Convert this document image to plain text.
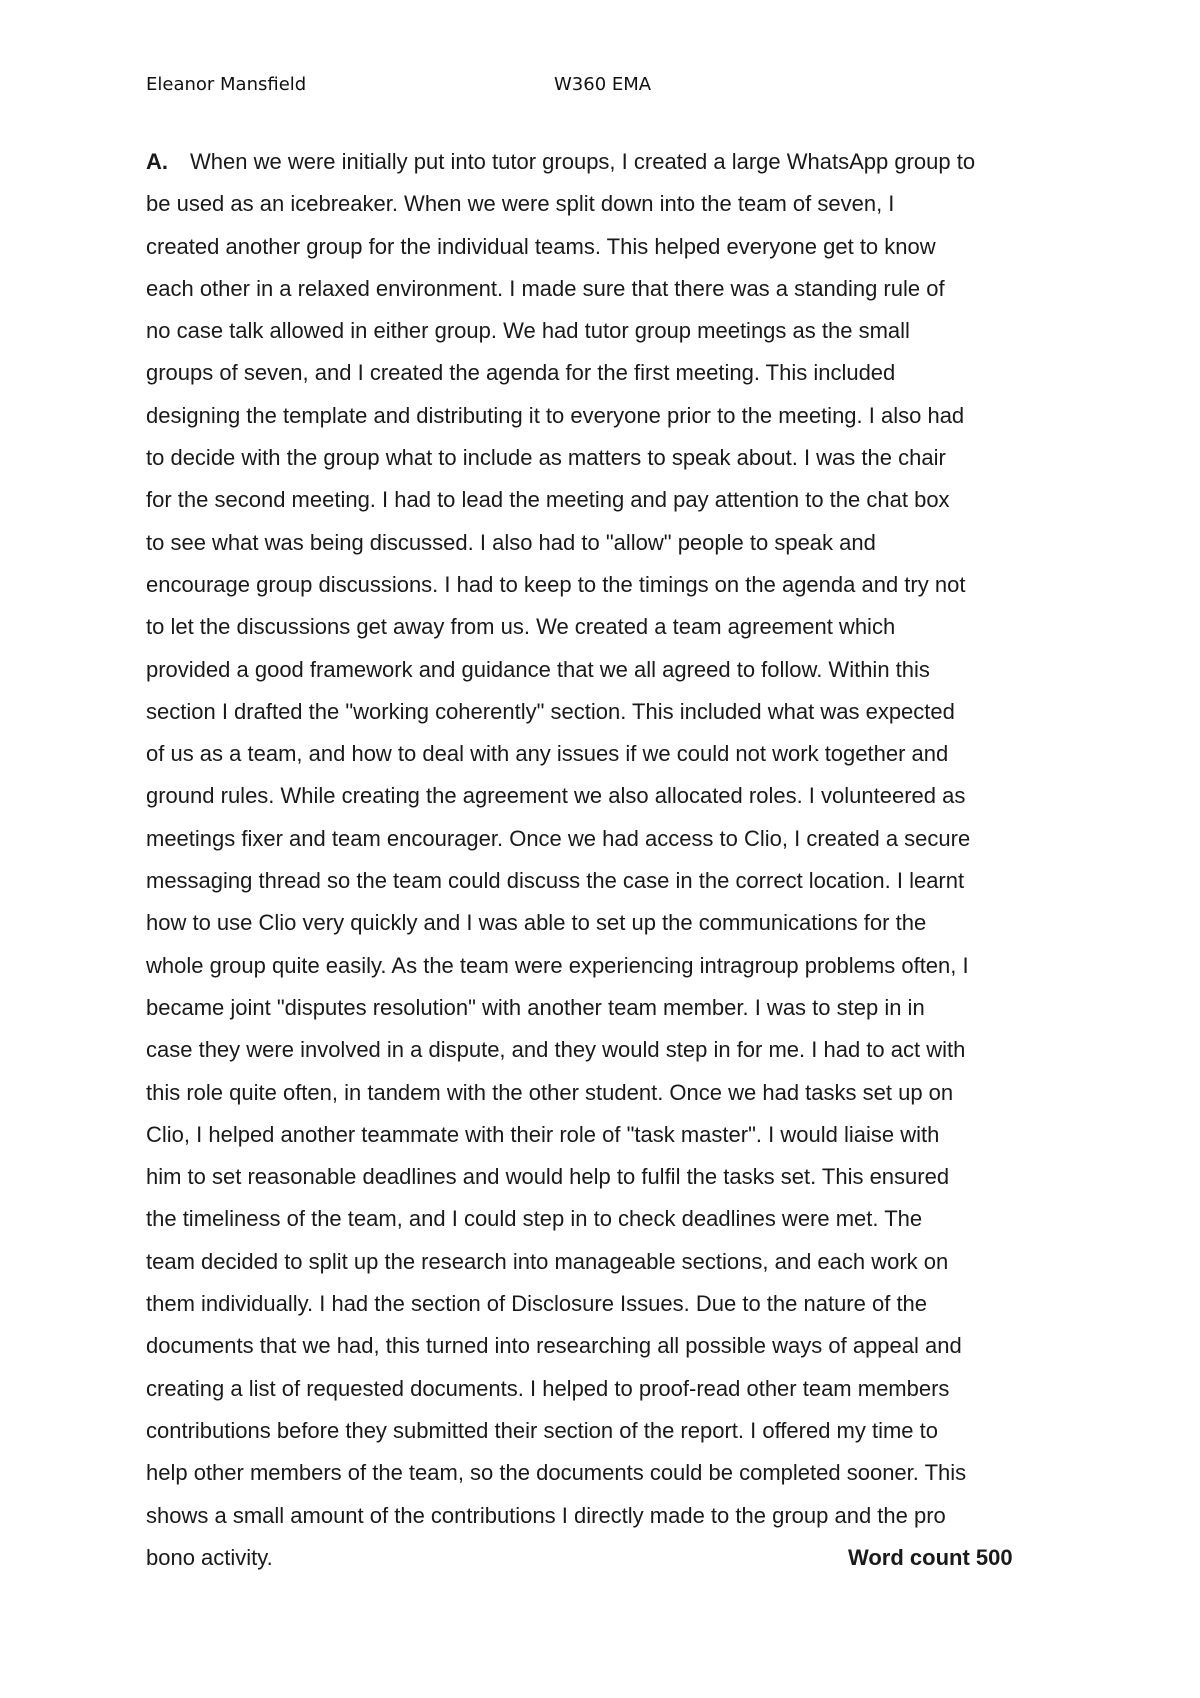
Eleanor Mansfield	W360 EMA
A. When we were initially put into tutor groups, I created a large WhatsApp group to
be used as an icebreaker. When we were split down into the team of seven, I
created another group for the individual teams. This helped everyone get to know
each other in a relaxed environment. I made sure that there was a standing rule of
no case talk allowed in either group. We had tutor group meetings as the small
groups of seven, and I created the agenda for the first meeting. This included
designing the template and distributing it to everyone prior to the meeting. I also had
to decide with the group what to include as matters to speak about. I was the chair
for the second meeting. I had to lead the meeting and pay attention to the chat box
to see what was being discussed. I also had to "allow" people to speak and
encourage group discussions. I had to keep to the timings on the agenda and try not
to let the discussions get away from us. We created a team agreement which
provided a good framework and guidance that we all agreed to follow. Within this
section I drafted the "working coherently" section. This included what was expected
of us as a team, and how to deal with any issues if we could not work together and
ground rules. While creating the agreement we also allocated roles. I volunteered as
meetings fixer and team encourager. Once we had access to Clio, I created a secure
messaging thread so the team could discuss the case in the correct location. I learnt
how to use Clio very quickly and I was able to set up the communications for the
whole group quite easily. As the team were experiencing intragroup problems often, I
became joint "disputes resolution" with another team member. I was to step in in
case they were involved in a dispute, and they would step in for me. I had to act with
this role quite often, in tandem with the other student. Once we had tasks set up on
Clio, I helped another teammate with their role of "task master". I would liaise with
him to set reasonable deadlines and would help to fulfil the tasks set. This ensured
the timeliness of the team, and I could step in to check deadlines were met. The
team decided to split up the research into manageable sections, and each work on
them individually. I had the section of Disclosure Issues. Due to the nature of the
documents that we had, this turned into researching all possible ways of appeal and
creating a list of requested documents. I helped to proof-read other team members
contributions before they submitted their section of the report. I offered my time to
help other members of the team, so the documents could be completed sooner. This
shows a small amount of the contributions I directly made to the group and the pro
bono activity.	Word count 500
